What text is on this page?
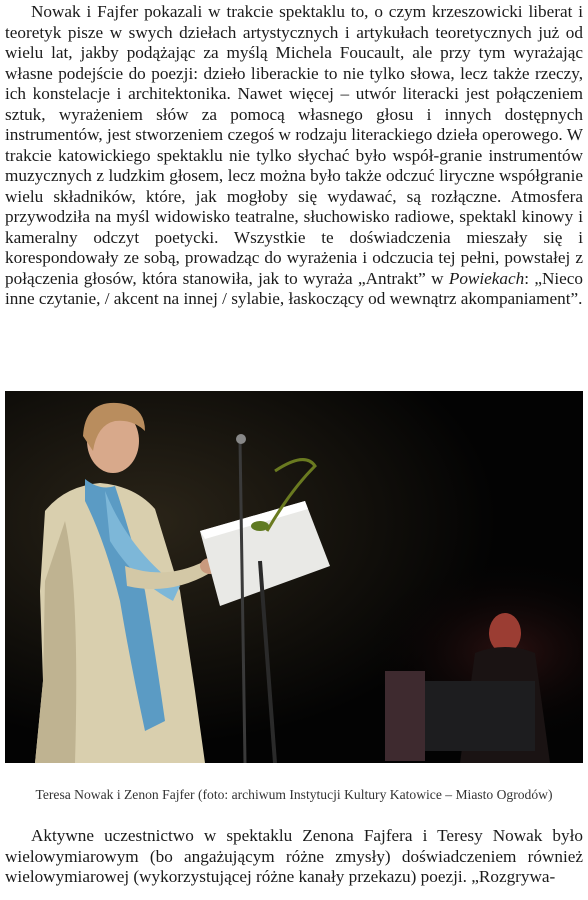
Nowak i Fajfer pokazali w trakcie spektaklu to, o czym krzeszowicki liberat i teoretyk pisze w swych dziełach artystycznych i artykułach teoretycznych już od wielu lat, jakby podążając za myślą Michela Foucault, ale przy tym wyrażając własne podejście do poezji: dzieło liberackie to nie tylko słowa, lecz także rzeczy, ich konstelacje i architektonika. Nawet więcej – utwór literacki jest połączeniem sztuk, wyrażeniem słów za pomocą własnego głosu i innych dostępnych instrumentów, jest stworzeniem czegoś w rodzaju literackiego dzieła operowego. W trakcie katowickiego spektaklu nie tylko słychać było współ-granie instrumentów muzycznych z ludzkim głosem, lecz można było także odczuć liryczne współgranie wielu składników, które, jak mogłoby się wydawać, są rozłączne. Atmosfera przywodziła na myśl widowisko teatralne, słuchowisko radiowe, spektakl kinowy i kameralny odczyt poetycki. Wszystkie te doświadczenia mieszały się i korespondowały ze sobą, prowadząc do wyrażenia i odczucia tej pełni, powstałej z połączenia głosów, która stanowiła, jak to wyraża „Antrakt” w Powiekach: „Nieco inne czytanie, / akcent na innej / sylabie, łaskoczący od wewnątrz akompaniament”.

Teresa Nowak i Zenon Fajfer (foto: archiwum Instytucji Kultury Katowice – Miasto Ogrodów)

Aktywne uczestnictwo w spektaklu Zenona Fajfera i Teresy Nowak było wielowymiarowym (bo angażującym różne zmysły) doświadczeniem również wielowymiarowej (wykorzystującej różne kanały przekazu) poezji. „Rozgrywa-
